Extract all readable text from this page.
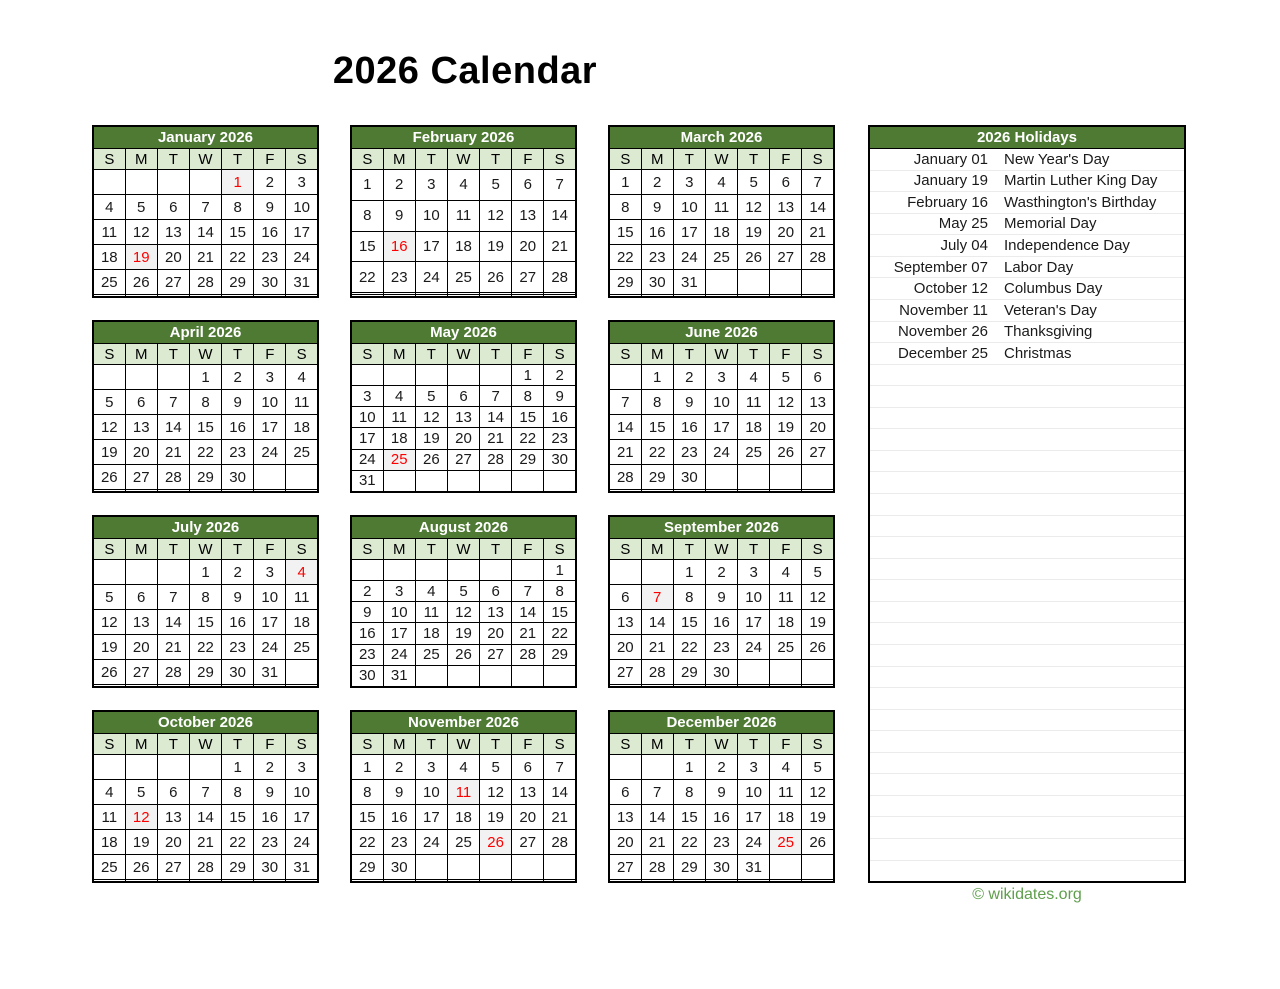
2026 Calendar
January 2026						
S	M	T	W	T	F	S
				1	2	3
4	5	6	7	8	9	10
11	12	13	14	15	16	17
18	19	20	21	22	23	24
25	26	27	28	29	30	31

February 2026						
S	M	T	W	T	F	S
1	2	3	4	5	6	7
8	9	10	11	12	13	14
15	16	17	18	19	20	21
22	23	24	25	26	27	28

March 2026						
S	M	T	W	T	F	S
1	2	3	4	5	6	7
8	9	10	11	12	13	14
15	16	17	18	19	20	21
22	23	24	25	26	27	28
29	30	31				

April 2026						
S	M	T	W	T	F	S
			1	2	3	4
5	6	7	8	9	10	11
12	13	14	15	16	17	18
19	20	21	22	23	24	25
26	27	28	29	30		

May 2026						
S	M	T	W	T	F	S
					1	2
3	4	5	6	7	8	9
10	11	12	13	14	15	16
17	18	19	20	21	22	23
24	25	26	27	28	29	30
31						
June 2026						
S	M	T	W	T	F	S
	1	2	3	4	5	6
7	8	9	10	11	12	13
14	15	16	17	18	19	20
21	22	23	24	25	26	27
28	29	30				

July 2026						
S	M	T	W	T	F	S
			1	2	3	4
5	6	7	8	9	10	11
12	13	14	15	16	17	18
19	20	21	22	23	24	25
26	27	28	29	30	31	

August 2026						
S	M	T	W	T	F	S
						1
2	3	4	5	6	7	8
9	10	11	12	13	14	15
16	17	18	19	20	21	22
23	24	25	26	27	28	29
30	31					
September 2026						
S	M	T	W	T	F	S
		1	2	3	4	5
6	7	8	9	10	11	12
13	14	15	16	17	18	19
20	21	22	23	24	25	26
27	28	29	30			

October 2026						
S	M	T	W	T	F	S
				1	2	3
4	5	6	7	8	9	10
11	12	13	14	15	16	17
18	19	20	21	22	23	24
25	26	27	28	29	30	31

November 2026						
S	M	T	W	T	F	S
1	2	3	4	5	6	7
8	9	10	11	12	13	14
15	16	17	18	19	20	21
22	23	24	25	26	27	28
29	30					

December 2026						
S	M	T	W	T	F	S
		1	2	3	4	5
6	7	8	9	10	11	12
13	14	15	16	17	18	19
20	21	22	23	24	25	26
27	28	29	30	31		

2026 Holidays
January 01 New Year's Day
January 19 Martin Luther King Day
February 16 Wasthington's Birthday
May 25 Memorial Day
July 04 Independence Day
September 07 Labor Day
October 12 Columbus Day
November 11 Veteran's Day
November 26 Thanksgiving
December 25 Christmas
© wikidates.org
